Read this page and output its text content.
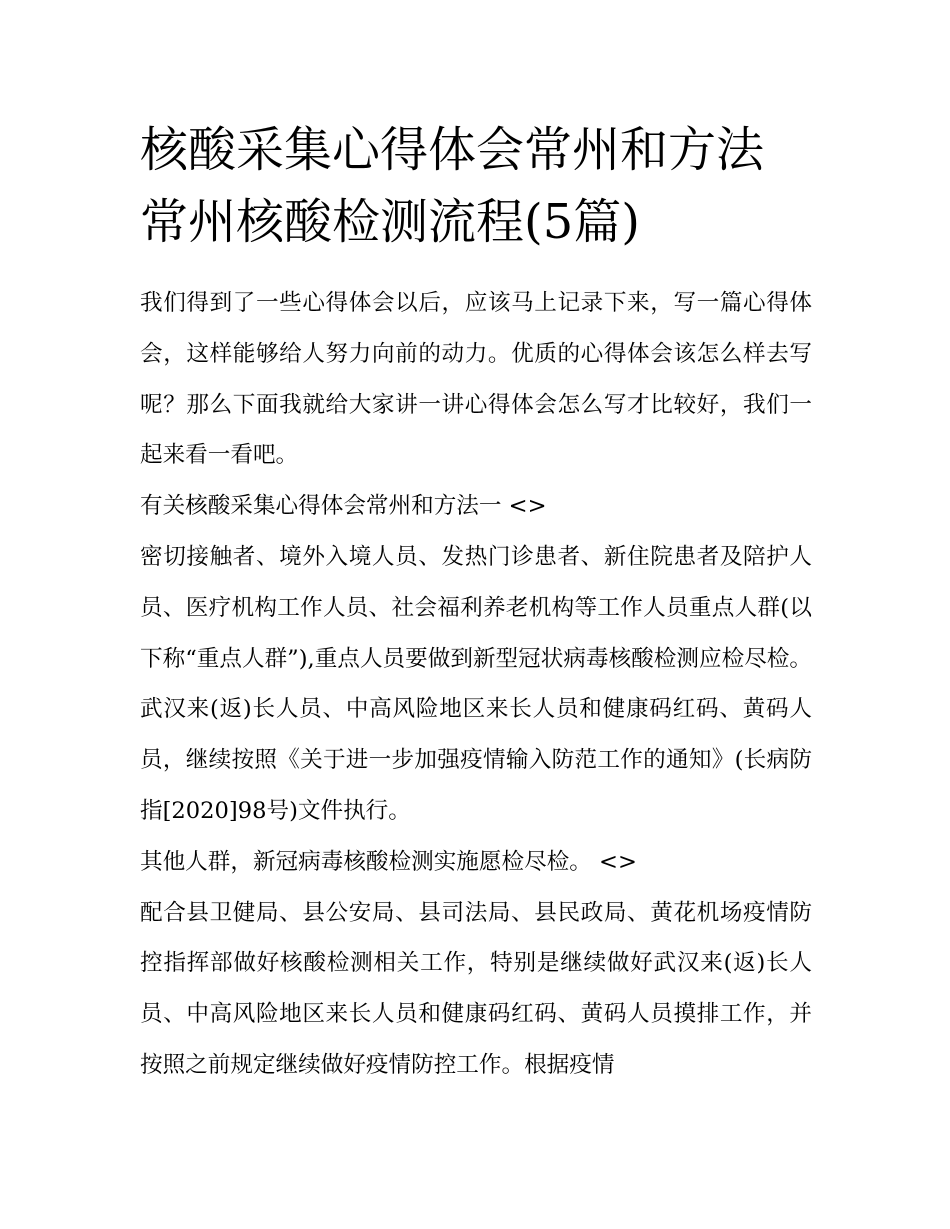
核酸采集心得体会常州和方法
常州核酸检测流程(5篇)

我们得到了一些心得体会以后，应该马上记录下来，写一篇心得体会，这样能够给人努力向前的动力。优质的心得体会该怎么样去写呢？那么下面我就给大家讲一讲心得体会怎么写才比较好，我们一起来看一看吧。

有关核酸采集心得体会常州和方法一 <>

密切接触者、境外入境人员、发热门诊患者、新住院患者及陪护人员、医疗机构工作人员、社会福利养老机构等工作人员重点人群(以下称“重点人群”),重点人员要做到新型冠状病毒核酸检测应检尽检。武汉来(返)长人员、中高风险地区来长人员和健康码红码、黄码人员，继续按照《关于进一步加强疫情输入防范工作的通知》(长病防指[2020]98号)文件执行。

其他人群，新冠病毒核酸检测实施愿检尽检。 <>

配合县卫健局、县公安局、县司法局、县民政局、黄花机场疫情防控指挥部做好核酸检测相关工作，特别是继续做好武汉来(返)长人员、中高风险地区来长人员和健康码红码、黄码人员摸排工作，并按照之前规定继续做好疫情防控工作。根据疫情
